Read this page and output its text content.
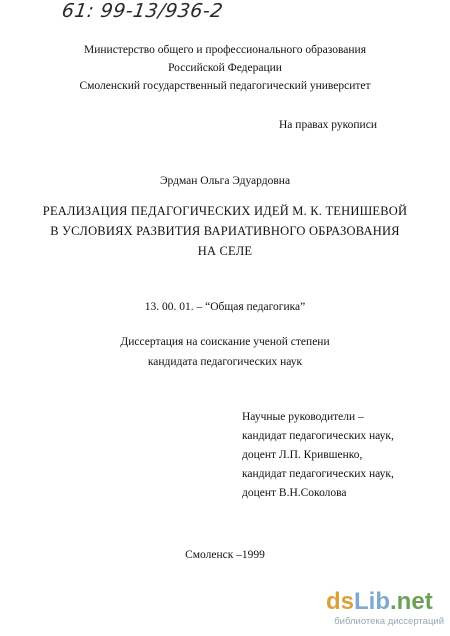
61: 99-13/936-2
Министерство общего и профессионального образования
Российской Федерации
Смоленский государственный педагогический университет
На правах рукописи
Эрдман Ольга Эдуардовна
РЕАЛИЗАЦИЯ ПЕДАГОГИЧЕСКИХ ИДЕЙ М. К. ТЕНИШЕВОЙ
В УСЛОВИЯХ РАЗВИТИЯ ВАРИАТИВНОГО ОБРАЗОВАНИЯ
НА СЕЛЕ
13. 00. 01. – “Общая педагогика”
Диссертация на соискание ученой степени
кандидата педагогических наук
Научные руководители –
кандидат педагогических наук,
доцент Л.П. Крившенко,
кандидат педагогических наук,
доцент В.Н.Соколова
Смоленск –1999
dsLib.net
библиотека диссертаций
